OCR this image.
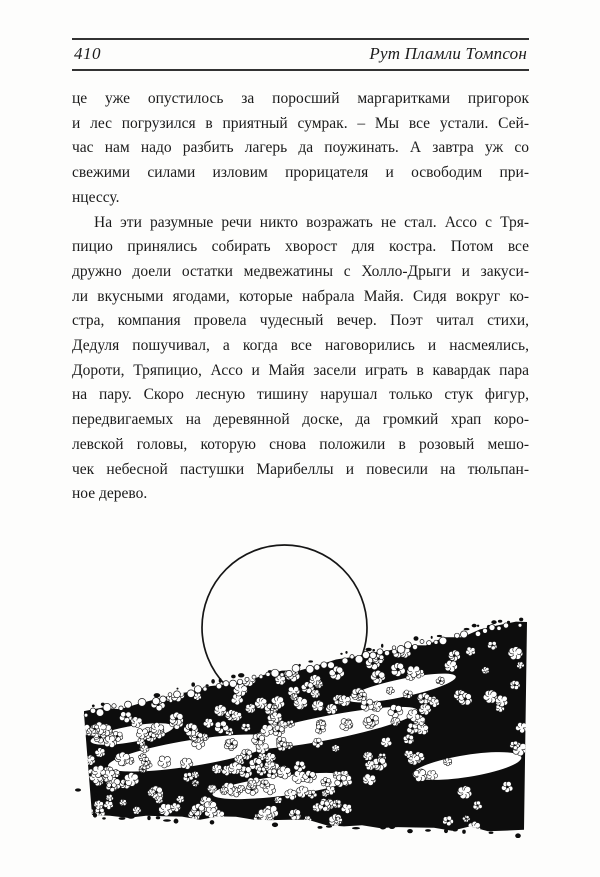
410	Рут Пламли Томпсон
це уже опустилось за поросший маргаритками пригорок
и лес погрузился в приятный сумрак. – Мы все устали. Сей-
час нам надо разбить лагерь да поужинать. А завтра уж со
свежими силами изловим прорицателя и освободим при-
нцессу.
На эти разумные речи никто возражать не стал. Ассо с Тря-
пицио принялись собирать хворост для костра. Потом все
дружно доели остатки медвежатины с Холло-Дрыги и закуси-
ли вкусными ягодами, которые набрала Майя. Сидя вокруг ко-
стра, компания провела чудесный вечер. Поэт читал стихи,
Дедуля пошучивал, а когда все наговорились и насмеялись,
Дороти, Тряпицио, Ассо и Майя засели играть в кавардак пара
на пару. Скоро лесную тишину нарушал только стук фигур,
передвигаемых на деревянной доске, да громкий храп коро-
левской головы, которую снова положили в розовый мешо-
чек небесной пастушки Марибеллы и повесили на тюльпан-
ное дерево.
